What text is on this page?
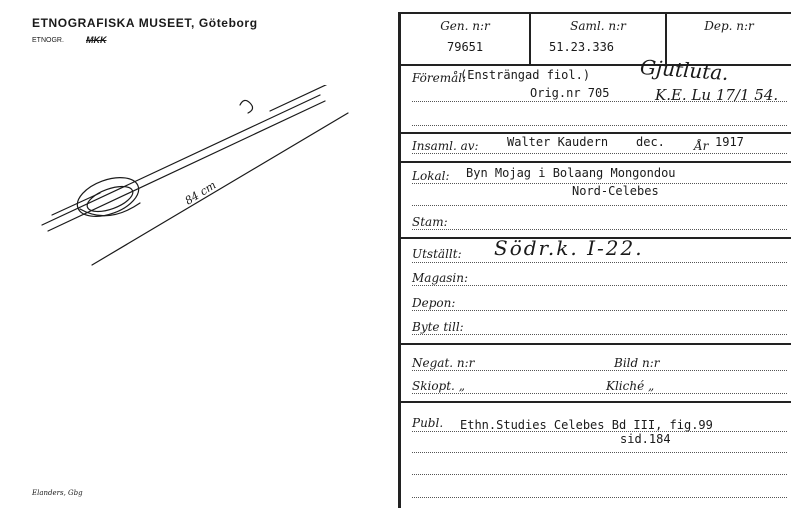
ETNOGRAFISKA MUSEET, Göteborg
ETNOGR. MKK
84 cm
Elanders, Gbg
Gen. n:r
79651
Saml. n:r
51.23.336
Dep. n:r
Föremål:
(Ensträngad fiol.)
Orig.nr 705
Gjutluta.
K.E. Lu 17/1 54.
Insaml. av: Walter Kaudern dec. År 1917
Lokal: Byn Mojag i Bolaang Mongondou
Nord-Celebes
Stam:
Utställt: Södr.k. I-22.
Magasin:
Depon:
Byte till:
Negat. n:r	Bild n:r
Skiopt. „	Kliché „
Publ. Ethn.Studies Celebes Bd III, fig.99
sid.184
